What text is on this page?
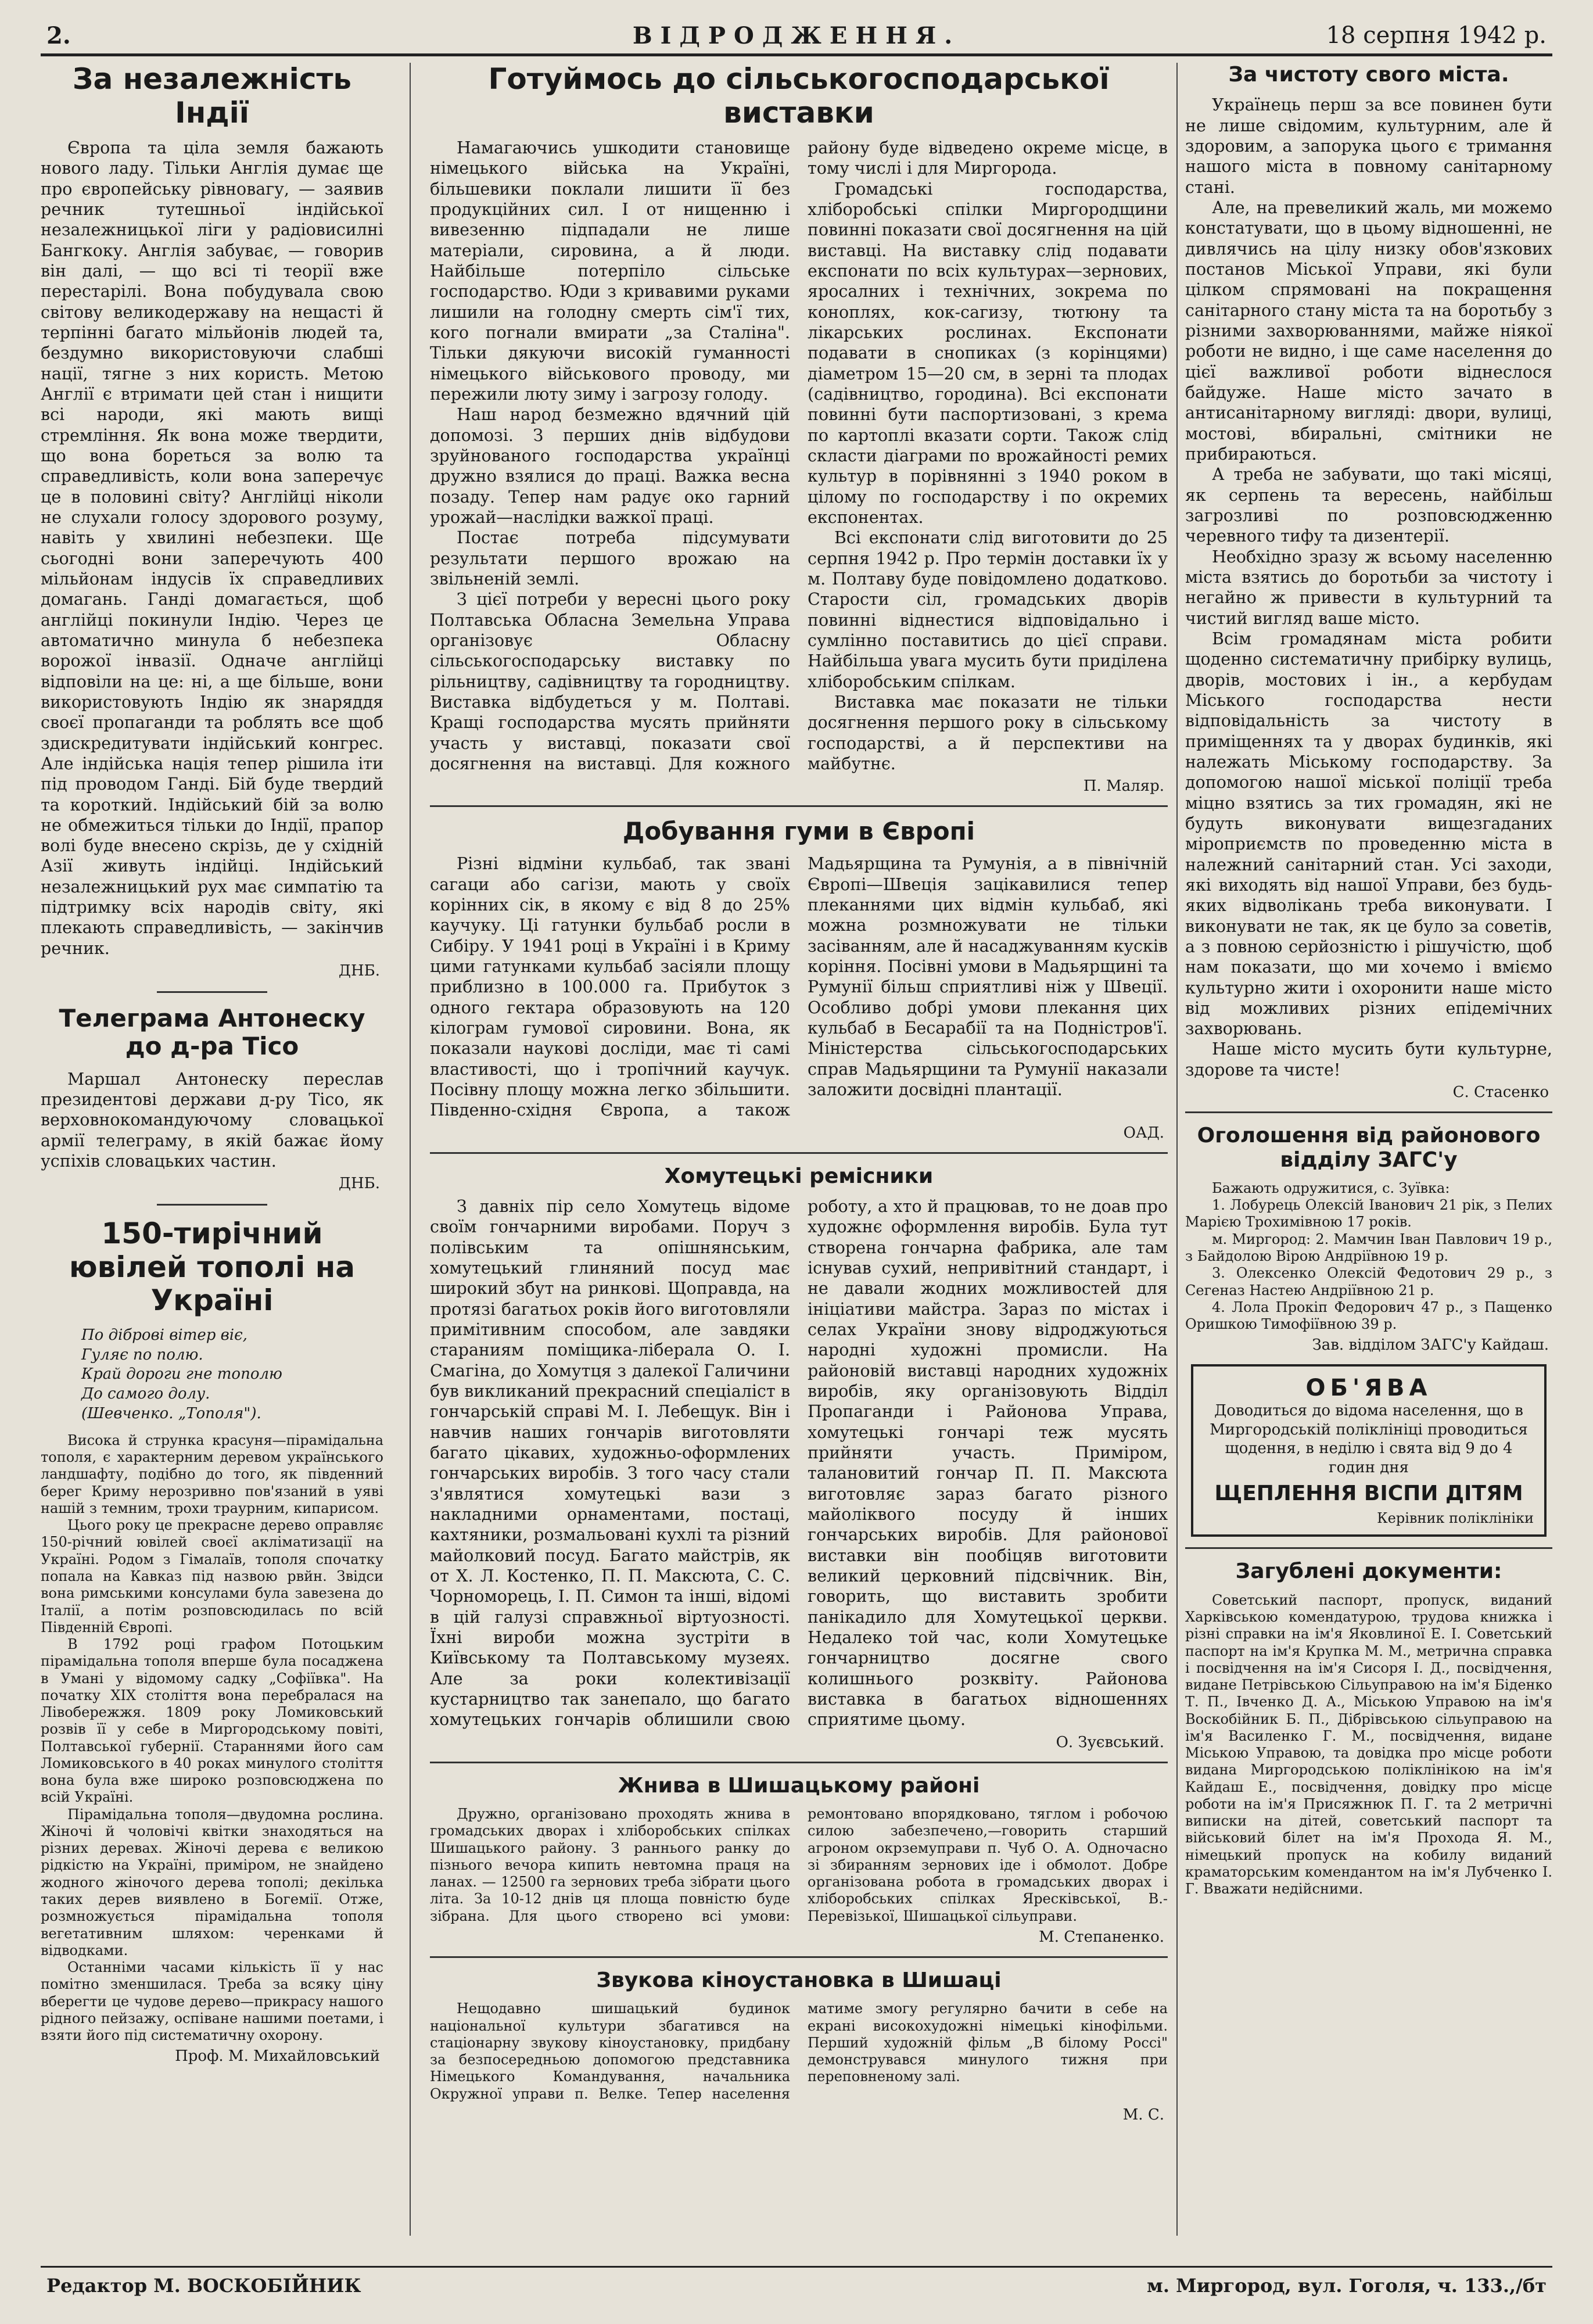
2.	ВІДРОДЖЕННЯ.	18 серпня 1942 р.
За незалежність Індії

Європа та ціла земля бажають нового ладу. Тільки Англія думає ще про європейську рівновагу, — заявив речник тутешньої індійської незалежницької ліги у радіовисилні Бангкоку. Англія забуває, — говорив він далі, — що всі ті теорії вже перестарілі. Вона побудувала свою світову великодержаву на нещасті й терпінні багато мільйонів людей та, бездумно використовуючи слабші нації, тягне з них користь. Метою Англії є втримати цей стан і нищити всі народи, які мають вищі стремління. Як вона може твердити, що вона бореться за волю та справедливість, коли вона заперечує це в половині світу? Англійці ніколи не слухали голосу здорового розуму, навіть у хвилині небезпеки. Ще сьогодні вони заперечують 400 мільйонам індусів їх справедливих домагань. Ганді домагається, щоб англійці покинули Індію. Через це автоматично минула б небезпека ворожої інвазії. Одначе англійці відповіли на це: ні, а ще більше, вони використовують Індію як знаряддя своєї пропаганди та роблять все щоб здискредитувати індійський конгрес. Але індійська нація тепер рішила іти під проводом Ганді. Бій буде твердий та короткий. Індійський бій за волю не обмежиться тільки до Індії, прапор волі буде внесено скрізь, де у східній Азії живуть індійці. Індійський незалежницький рух має симпатію та підтримку всіх народів світу, які плекають справедливість, — закінчив речник.

ДНБ.
Телеграма Антонеску до д-ра Тісо

Маршал Антонеску переслав президентові держави д-ру Тісо, як верховнокомандуючому словацької армії телеграму, в якій бажає йому успіхів словацьких частин.

ДНБ.
150-тирічний ювілей тополі на Україні
По діброві вітер віє,
Гуляє по полю.
Край дороги гне тополю
До самого долу.
(Шевченко. „Тополя").

Висока й струнка красуня—пірамідальна тополя, є характерним деревом українського ландшафту, подібно до того, як південний берег Криму нерозривно пов'язаний в уяві нашій з темним, трохи траурним, кипарисом.

Цього року це прекрасне дерево оправляє 150-річний ювілей своєї акліматизації на Україні. Родом з Гімалаїв, тополя спочатку попала на Кавказ під назвою рвйн. Звідси вона римськими консулами була завезена до Італії, а потім розповсюдилась по всій Південній Європі.

В 1792 році графом Потоцьким пірамідальна тополя вперше була посаджена в Умані у відомому садку „Софіївка". На початку XIX століття вона перебралася на Лівобережжя. 1809 року Ломиковський розвів її у себе в Миргородському повіті, Полтавської губернії. Стараннями його сам Ломиковського в 40 роках минулого століття вона була вже широко розповсюджена по всій Україні.

Пірамідальна тополя—двудомна рослина. Жіночі й чоловічі квітки знаходяться на різних деревах. Жіночі дерева є великою рідкістю на Україні, приміром, не знайдено жодного жіночого дерева тополі; декілька таких дерев виявлено в Богемії. Отже, розмножується пірамідальна тополя вегетативним шляхом: черенками й відводками.

Останніми часами кількість її у нас помітно зменшилася. Треба за всяку ціну вберегти це чудове дерево—прикрасу нашого рідного пейзажу, оспіване нашими поетами, і взяти його під систематичну охорону.

Проф. М. Михайловський
Готуймось до сільськогосподарської виставки

Намагаючись ушкодити становище німецького війська на Україні, більшевики поклали лишити її без продукційних сил. І от нищенню і вивезенню підпадали не лише матеріали, сировина, а й люди. Найбільше потерпіло сільське господарство. Юди з кривавими руками лишили на голодну смерть сім'ї тих, кого погнали вмирати „за Сталіна". Тільки дякуючи високій гуманності німецького військового проводу, ми пережили люту зиму і загрозу голоду.

Наш народ безмежно вдячний цій допомозі. З перших днів відбудови зруйнованого господарства українці дружно взялися до праці. Важка весна позаду. Тепер нам радує око гарний урожай—наслідки важкої праці.

Постає потреба підсумувати результати першого врожаю на звільненій землі.

З цієї потреби у вересні цього року Полтавська Обласна Земельна Управа організовує Обласну сільськогосподарську виставку по рільництву, садівництву та городництву. Виставка відбудеться у м. Полтаві. Кращі господарства мусять прийняти участь у виставці, показати свої досягнення на виставці. Для кожного району буде відведено окреме місце, в тому числі і для Миргорода.

Громадські господарства, хліборобські спілки Миргородщини повинні показати свої досягнення на цій виставці. На виставку слід подавати експонати по всіх культурах—зернових, яросалних і технічних, зокрема по коноплях, кок-сагизу, тютюну та лікарських рослинах. Експонати подавати в снопиках (з корінцями) діаметром 15—20 см, в зерні та плодах (садівництво, городина). Всі експонати повинні бути паспортизовані, з крема по картоплі вказати сорти. Також слід скласти діаграми по врожайності ремих культур в порівнянні з 1940 роком в цілому по господарству і по окремих експонентах.

Всі експонати слід виготовити до 25 серпня 1942 р. Про термін доставки їх у м. Полтаву буде повідомлено додатково. Старости сіл, громадських дворів повинні віднестися відповідально і сумлінно поставитись до цієї справи. Найбільша увага мусить бути приділена хліборобським спілкам.

Виставка має показати не тільки досягнення першого року в сільському господарстві, а й перспективи на майбутнє.

П. Маляр.
Добування гуми в Європі

Різні відміни кульбаб, так звані сагаци або сагізи, мають у своїх корінних сік, в якому є від 8 до 25% каучуку. Ці гатунки бульбаб росли в Сибіру. У 1941 році в Україні і в Криму цими гатунками кульбаб засіяли площу приблизно в 100.000 га. Прибуток з одного гектара образовують на 120 кілограм гумової сировини. Вона, як показали наукові досліди, має ті самі властивості, що і тропічний каучук. Посівну площу можна легко збільшити. Південно-східня Європа, а також Мадьярщина та Румунія, а в північній Європі—Швеція зацікавилися тепер плеканнями цих відмін кульбаб, які можна розмножувати не тільки засіванням, але й насаджуванням кусків коріння. Посівні умови в Мадьярщині та Румунії більш сприятливі ніж у Швеції. Особливо добрі умови плекання цих кульбаб в Бесарабії та на Подністров'ї. Міністерства сільськогосподарських справ Мадьярщини та Румунії наказали заложити досвідні плантації.

ОАД.
Хомутецькі ремісники

З давніх пір село Хомутець відоме своїм гончарними виробами. Поруч з полівським та опішнянським, хомутецький глиняний посуд має широкий збут на ринкові. Щоправда, на протязі багатьох років його виготовляли примітивним способом, але завдяки стараниям поміщика-ліберала О. І. Смагіна, до Хомутця з далекої Галичини був викликаний прекрасний спеціаліст в гончарській справі М. І. Лебещук. Він і навчив наших гончарів виготовляти багато цікавих, художньо-оформлених гончарських виробів. З того часу стали з'являтися хомутецькі вази з накладними орнаментами, постаці, кахтяники, розмальовані кухлі та різний майолковий посуд. Багато майстрів, як от Х. Л. Костенко, П. П. Максюта, С. С. Чорноморець, І. П. Симон та інші, відомі в цій галузі справжньої віртуозності. Їхні вироби можна зустріти в Київському та Полтавському музеях. Але за роки колективізації кустарництво так занепало, що багато хомутецьких гончарів облишили свою роботу, а хто й працював, то не доав про художнє оформлення виробів. Була тут створена гончарна фабрика, але там існував сухий, непривітний стандарт, і не давали жодних можливостей для ініціативи майстра. Зараз по містах і селах України знову відроджуються народні художні промисли. На районовій виставці народних художніх виробів, яку організовують Відділ Пропаганди і Районова Управа, хомутецькі гончарі теж мусять прийняти участь. Приміром, талановитий гончар П. П. Максюта виготовляє зараз багато різного майоліквого посуду й інших гончарських виробів. Для районової виставки він пообіцяв виготовити великий церковний підсвічник. Він, говорить, що виставить зробити панікадило для Хомутецької церкви. Недалеко той час, коли Хомутецьке гончарництво досягне свого колишнього розквіту. Районова виставка в багатьох відношеннях сприятиме цьому.

О. Зуєвський.
Жнива в Шишацькому районі

Дружно, організовано проходять жнива в громадських дворах і хліборобських спілках Шишацького району. З раннього ранку до пізнього вечора кипить невтомна праця на ланах. — 12500 га зернових треба зібрати цього літа. За 10-12 днів ця площа повністю буде зібрана. Для цього створено всі умови: ремонтовано впорядковано, тяглом і робочою силою забезпечено,—говорить старший агроном окрземуправи п. Чуб О. А. Одночасно зі збиранням зернових іде і обмолот. Добре організована робота в громадських дворах і хліборобських спілках Яресківської, В.-Перевізької, Шишацької сільуправи.

М. Степаненко.
Звукова кіноустановка в Шишаці

Нещодавно шишацький будинок національної культури збагатився на стаціонарну звукову кіноустановку, придбану за безпосередньою допомогою представника Німецького Командування, начальника Окружної управи п. Велке. Тепер населення матиме змогу регулярно бачити в себе на екрані високохудожні німецькі кінофільми. Перший художній фільм „В білому Россі" демонструвався минулого тижня при переповненому залі.

М. С.
За чистоту свого міста.

Українець перш за все повинен бути не лише свідомим, культурним, але й здоровим, а запорука цього є тримання нашого міста в повному санітарному стані.

Але, на превеликий жаль, ми можемо констатувати, що в цьому відношенні, не дивлячись на цілу низку обов'язкових постанов Міської Управи, які були цілком спрямовані на покращення санітарного стану міста та на боротьбу з різними захворюваннями, майже ніякої роботи не видно, і ще саме населення до цієї важливої роботи віднеслося байдуже. Наше місто зачато в антисанітарному вигляді: двори, вулиці, мостові, вбиральні, смітники не прибираються.

А треба не забувати, що такі місяці, як серпень та вересень, найбільш загрозливі по розповсюдженню черевного тифу та дизентерії.

Необхідно зразу ж всьому населенню міста взятись до боротьби за чистоту і негайно ж привести в культурний та чистий вигляд ваше місто.

Всім громадянам міста робити щоденно систематичну прибірку вулиць, дворів, мостових і ін., а кербудам Міського господарства нести відповідальність за чистоту в приміщеннях та у дворах будинків, які належать Міському господарству. За допомогою нашої міської поліції треба міцно взятись за тих громадян, які не будуть виконувати вищезгаданих міроприємств по проведенню міста в належний санітарний стан. Усі заходи, які виходять від нашої Управи, без будь-яких відволікань треба виконувати. І виконувати не так, як це було за советів, а з повною серйозністю і рішучістю, щоб нам показати, що ми хочемо і вміємо культурно жити і охоронити наше місто від можливих різних епідемічних захворювань.

Наше місто мусить бути культурне, здорове та чисте!

С. Стасенко
Оголошення від районового відділу ЗАГС'у

Бажають одружитися, с. Зуївка:

1. Лобурець Олексій Іванович 21 рік, з Пелих Марією Трохимівною 17 років.

м. Миргород: 2. Мамчин Іван Павлович 19 р., з Байдолою Вірою Андріївною 19 р.

3. Олексенко Олексій Федотович 29 р., з Сегеназ Настею Андріївною 21 р.

4. Лола Прокіп Федорович 47 р., з Пащенко Оришкою Тимофіївною 39 р.

Зав. відділом ЗАГС'у Кайдаш.
ОБ'ЯВА
Доводиться до відома населення, що в Миргородській поліклініці проводиться щодення, в неділю і свята від 9 до 4 годин дня
ЩЕПЛЕННЯ ВІСПИ ДІТЯМ
Керівник поліклініки
Загублені документи:

Советський паспорт, пропуск, виданий Харківською комендатурою, трудова книжка і різні справки на ім'я Яковлиної Е. І. Советський паспорт на ім'я Крупка М. М., метрична справка і посвідчення на ім'я Сисоря І. Д., посвідчення, видане Петрівською Сільуправою на ім'я Біденко Т. П., Івченко Д. А., Міською Управою на ім'я Воскобійник Б. П., Дібрівською сільуправою на ім'я Василенко Г. М., посвідчення, видане Міською Управою, та довідка про місце роботи видана Миргородською поліклінікою на ім'я Кайдаш Е., посвідчення, довідку про місце роботи на ім'я Присяжнюк П. Г. та 2 метричні виписки на дітей, советський паспорт та військовий білет на ім'я Прохода Я. М., німецький пропуск на кобилу виданий краматорським комендантом на ім'я Лубченко І. Г. Вважати недійсними.

Редактор М. ВОСКОБІЙНИК	м. Миргород, вул. Гоголя, ч. 133.,/бт
